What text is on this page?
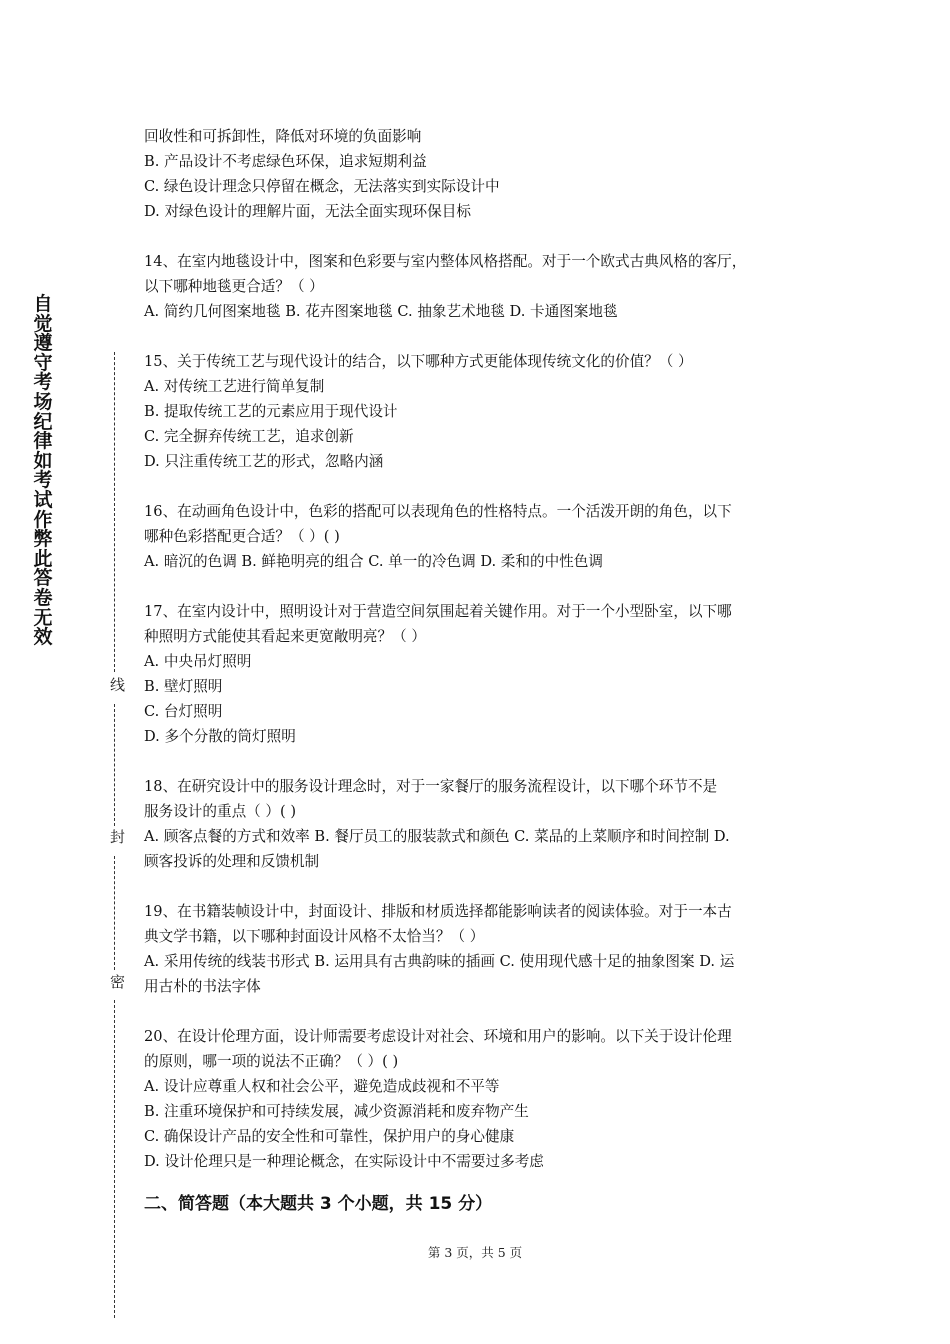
自觉遵守考场纪律如考试作弊此答卷无效
线
封
密

回收性和可拆卸性，降低对环境的负面影响

B. 产品设计不考虑绿色环保，追求短期利益

C. 绿色设计理念只停留在概念，无法落实到实际设计中

D. 对绿色设计的理解片面，无法全面实现环保目标

14、在室内地毯设计中，图案和色彩要与室内整体风格搭配。对于一个欧式古典风格的客厅，

以下哪种地毯更合适？（ ）

A. 简约几何图案地毯 B. 花卉图案地毯 C. 抽象艺术地毯 D. 卡通图案地毯

15、关于传统工艺与现代设计的结合，以下哪种方式更能体现传统文化的价值？（ ）

A. 对传统工艺进行简单复制

B. 提取传统工艺的元素应用于现代设计

C. 完全摒弃传统工艺，追求创新

D. 只注重传统工艺的形式，忽略内涵

16、在动画角色设计中，色彩的搭配可以表现角色的性格特点。一个活泼开朗的角色，以下

哪种色彩搭配更合适？（ ）( )

A. 暗沉的色调 B. 鲜艳明亮的组合 C. 单一的冷色调 D. 柔和的中性色调

17、在室内设计中，照明设计对于营造空间氛围起着关键作用。对于一个小型卧室，以下哪

种照明方式能使其看起来更宽敞明亮？（ ）

A. 中央吊灯照明

B. 壁灯照明

C. 台灯照明

D. 多个分散的筒灯照明

18、在研究设计中的服务设计理念时，对于一家餐厅的服务流程设计，以下哪个环节不是

服务设计的重点（ ）( )

A. 顾客点餐的方式和效率 B. 餐厅员工的服装款式和颜色 C. 菜品的上菜顺序和时间控制 D.

顾客投诉的处理和反馈机制

19、在书籍装帧设计中，封面设计、排版和材质选择都能影响读者的阅读体验。对于一本古

典文学书籍，以下哪种封面设计风格不太恰当？（ ）

A. 采用传统的线装书形式 B. 运用具有古典韵味的插画 C. 使用现代感十足的抽象图案 D. 运

用古朴的书法字体

20、在设计伦理方面，设计师需要考虑设计对社会、环境和用户的影响。以下关于设计伦理

的原则，哪一项的说法不正确？（ ）( )

A. 设计应尊重人权和社会公平，避免造成歧视和不平等

B. 注重环境保护和可持续发展，减少资源消耗和废弃物产生

C. 确保设计产品的安全性和可靠性，保护用户的身心健康

D. 设计伦理只是一种理论概念，在实际设计中不需要过多考虑

二、简答题（本大题共 3 个小题，共 15 分）
第 3 页，共 5 页
